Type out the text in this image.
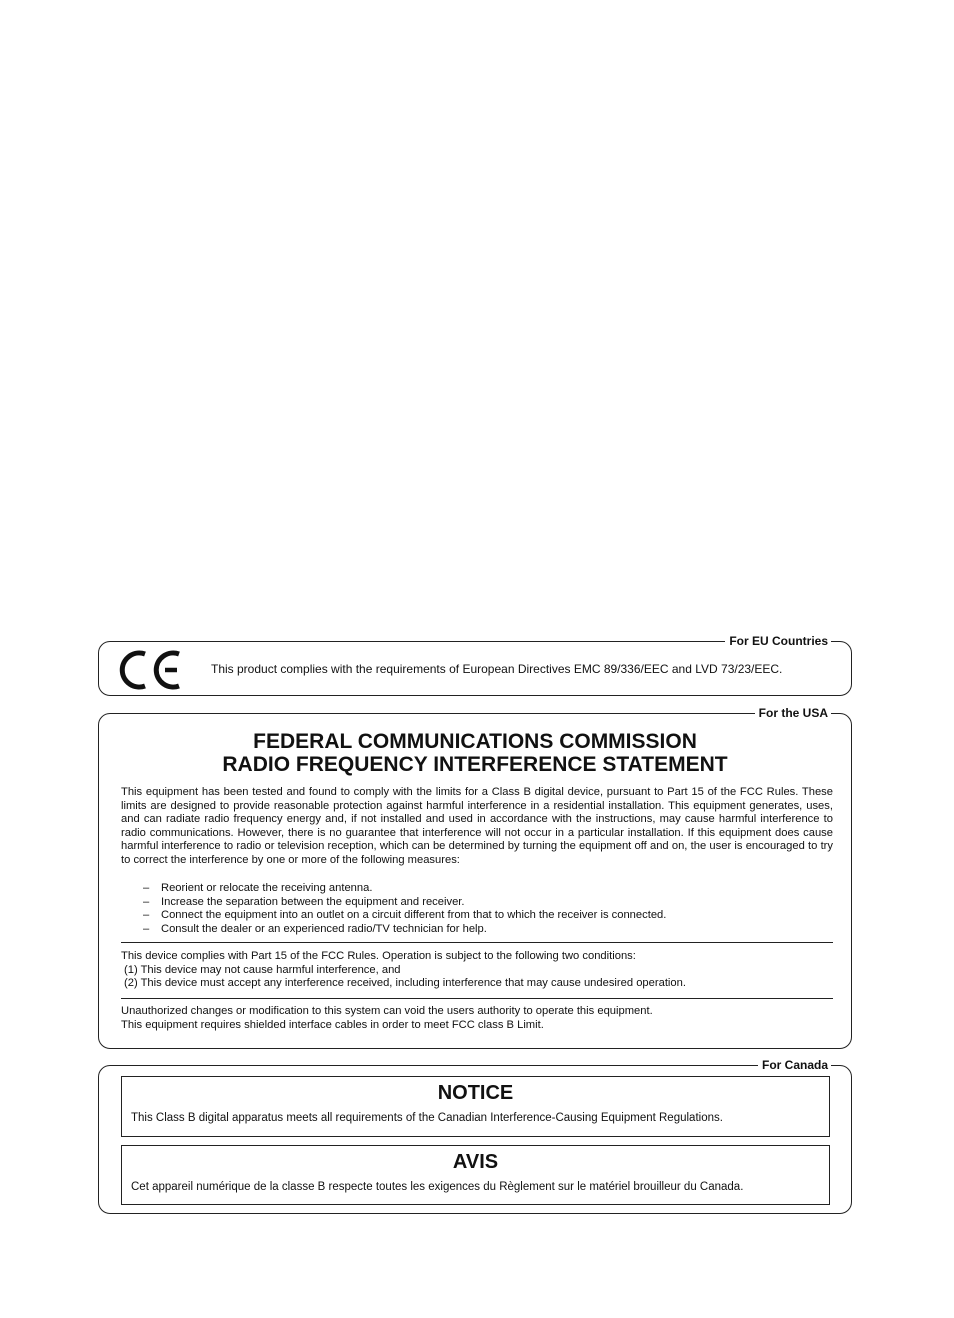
For EU Countries
This product complies with the requirements of European Directives EMC 89/336/EEC and LVD 73/23/EEC.
For the USA
FEDERAL COMMUNICATIONS COMMISSION
RADIO FREQUENCY INTERFERENCE STATEMENT
This equipment has been tested and found to comply with the limits for a Class B digital device, pursuant to Part 15 of the FCC Rules. These limits are designed to provide reasonable protection against harmful interference in a residential installation. This equipment generates, uses, and can radiate radio frequency energy and, if not installed and used in accordance with the instructions, may cause harmful interference to radio communications. However, there is no guarantee that interference will not occur in a particular installation. If this equipment does cause harmful interference to radio or television reception, which can be determined by turning the equipment off and on, the user is encouraged to try to correct the interference by one or more of the following measures:
– Reorient or relocate the receiving antenna.
– Increase the separation between the equipment and receiver.
– Connect the equipment into an outlet on a circuit different from that to which the receiver is connected.
– Consult the dealer or an experienced radio/TV technician for help.
This device complies with Part 15 of the FCC Rules. Operation is subject to the following two conditions:
(1) This device may not cause harmful interference, and
(2) This device must accept any interference received, including interference that may cause undesired operation.
Unauthorized changes or modification to this system can void the users authority to operate this equipment.
This equipment requires shielded interface cables in order to meet FCC class B Limit.
For Canada
NOTICE
This Class B digital apparatus meets all requirements of the Canadian Interference-Causing Equipment Regulations.
AVIS
Cet appareil numérique de la classe B respecte toutes les exigences du Règlement sur le matériel brouilleur du Canada.
